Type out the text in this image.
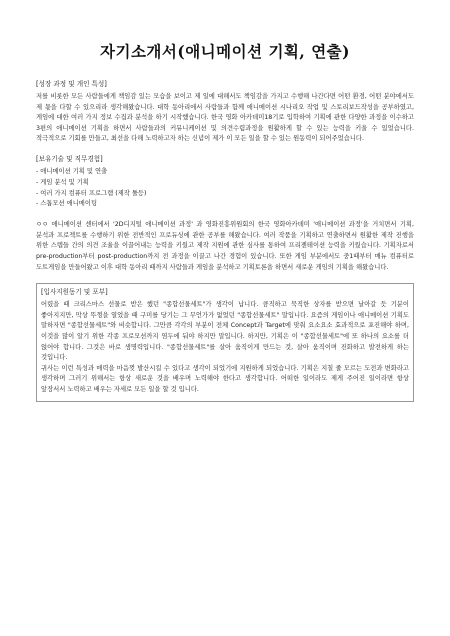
자기소개서(애니메이션 기획, 연출)
[성장 과정 및 개인 특성]

저를 비롯한 모든 사람들에게 책임감 있는 모습을 보이고 제 일에 대해서도 책임감을 가지고 수행해 나간다면 어떤 환경, 어떤 분야에서도 제 몫을 다할 수 있으리라 생각해왔습니다. 대학 동아리에서 사람들과 함께 애니메이션 시나리오 작업 및 스토리보드작성을 공부하였고, 게임에 대한 여러 가지 정보 수집과 분석을 하기 시작했습니다. 한국 영화 아카데미18기로 입학하여 기획에 관한 다양한 과정을 이수하고 3편의 애니메이션 기획을 하면서 사람들과의 커뮤니케이션 및 의견수렴과정을 원활하게 할 수 있는 능력을 키울 수 있었습니다. 적극적으로 기회를 만들고, 최선을 다해 노력하고자 하는 신념이 제가 이 모든 일을 할 수 있는 원동력이 되어주었습니다.

[보유기술 및 직무경험]
- 애니메이션 기획 및 연출
- 게임 분석 및 기획
- 여러 가지 컴퓨터 프로그램 (제작 툴등)
- 스톱모션 애니메이팅

ㅇㅇ 애니메이션 센터에서 '2D디지털 애니메이션 과정' 과 영화진흥위원회의 한국 영화아카데미 '애니메이션 과정'을 거치면서 기획, 분석과 프로젝트를 수행하기 위한 전반적인 프로듀싱에 관한 공부를 해왔습니다. 여러 작품을 기획하고 연출하면서 원활한 제작 진행을 위한 스텝들 간의 의견 조율을 이끌어내는 능력을 키웠고 제작 지원에 관한 심사를 통하여 프리젠테이션 능력을 키웠습니다. 기획자로서 pre-production부터 post-production까지 전 과정을 이끌고 나간 경험이 있습니다. 또한 게임 부분에서도 중1때부터 매뉴 컴퓨터로 도트게임을 만들어왔고 이후 대학 동아리 때까지 사람들과 게임을 분석하고 기획토론을 하면서 새로운 게임의 기획을 해왔습니다.

[입사지원동기 및 포부]

어렸을 때 크리스마스 선물로 받은 했던 "종합선물세트"가 생각이 납니다. 큼직하고 묵직한 상자를 받으면 날아갈 듯 기분이 좋아지지만, 막상 뚜껑을 열었을 때 구미를 당기는 그 무언가가 없었던 "종합선물세트" 말입니다. 요즘의 게임이나 애니메이션 기획도 말하자면 "종합선물세트"와 비슷합니다. 그만큼 각각의 부분이 전체 Concept과 Target에 맞춰 요소요소 효과적으로 포진해야 하며, 이것을 많이 알기 위한 각종 프로모션까지 염두에 둬야 하지만 말입니다. 하지만, 기획은 이 "종합선물세트"에 또 하나의 요소를 더 얹어야 합니다. 그것은 바로 생명력입니다. "종합선물세트"를 살아 움직이게 만드는 것, 살아 움직이며 진화하고 발전하게 하는 것입니다.

귀사는 이런 특성과 매력을 마음껏 발산시킬 수 있다고 생각이 되었기에 지원하게 되었습니다. 기획은 지칠 줄 모르는 도전과 변화라고 생각하며 그러기 위해서는 항상 새로운 것을 배우며 노력해야 한다고 생각합니다. 어떠한 일이라도 제게 주어진 일이라면 항상 앞장서서 노력하고 배우는 자세로 모든 일을 할 것 입니다.
